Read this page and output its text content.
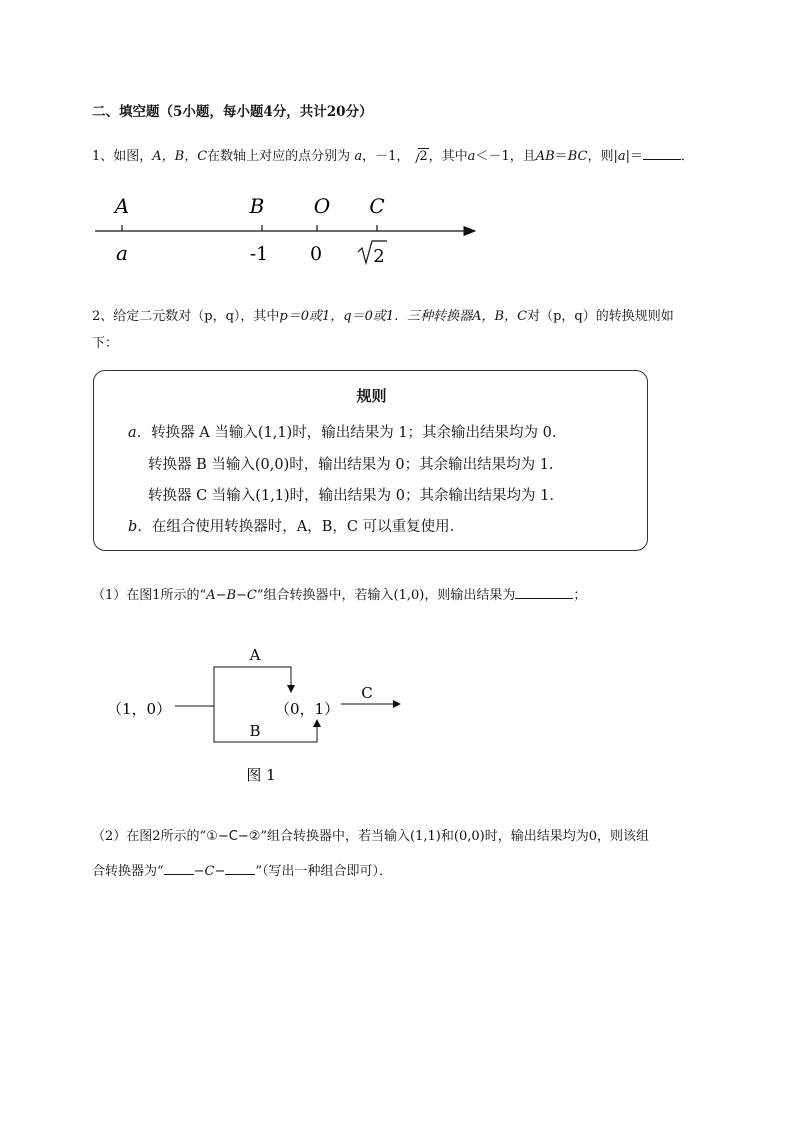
二、填空题（5小题，每小题4分，共计20分）
1、如图，A，B，C在数轴上对应的点分别为 a，－1， 2，其中a＜－1，且AB＝BC，则|a|＝	．
A	B O C
a	-1 0	2
2、给定二元数对（p，q），其中p＝0或1，q＝0或1．三种转换器A，B，C对（p，q）的转换规则如
下：
规则
a．转换器 A 当输入(1,1)时，输出结果为 1；其余输出结果均为 0.
转换器 B 当输入(0,0)时，输出结果为 0；其余输出结果均为 1.
转换器 C 当输入(1,1)时，输出结果为 0；其余输出结果均为 1.
b．在组合使用转换器时，A，B，C 可以重复使用.
（1）在图1所示的“A−B−C”组合转换器中，若输入(1,0)，则输出结果为	；
（1，0）
A
B
（0，1）
C
图 1
（2）在图2所示的“①−C−②”组合转换器中，若当输入(1,1)和(0,0)时，输出结果均为0，则该组
合转换器为“ −C− ”（写出一种组合即可）．
